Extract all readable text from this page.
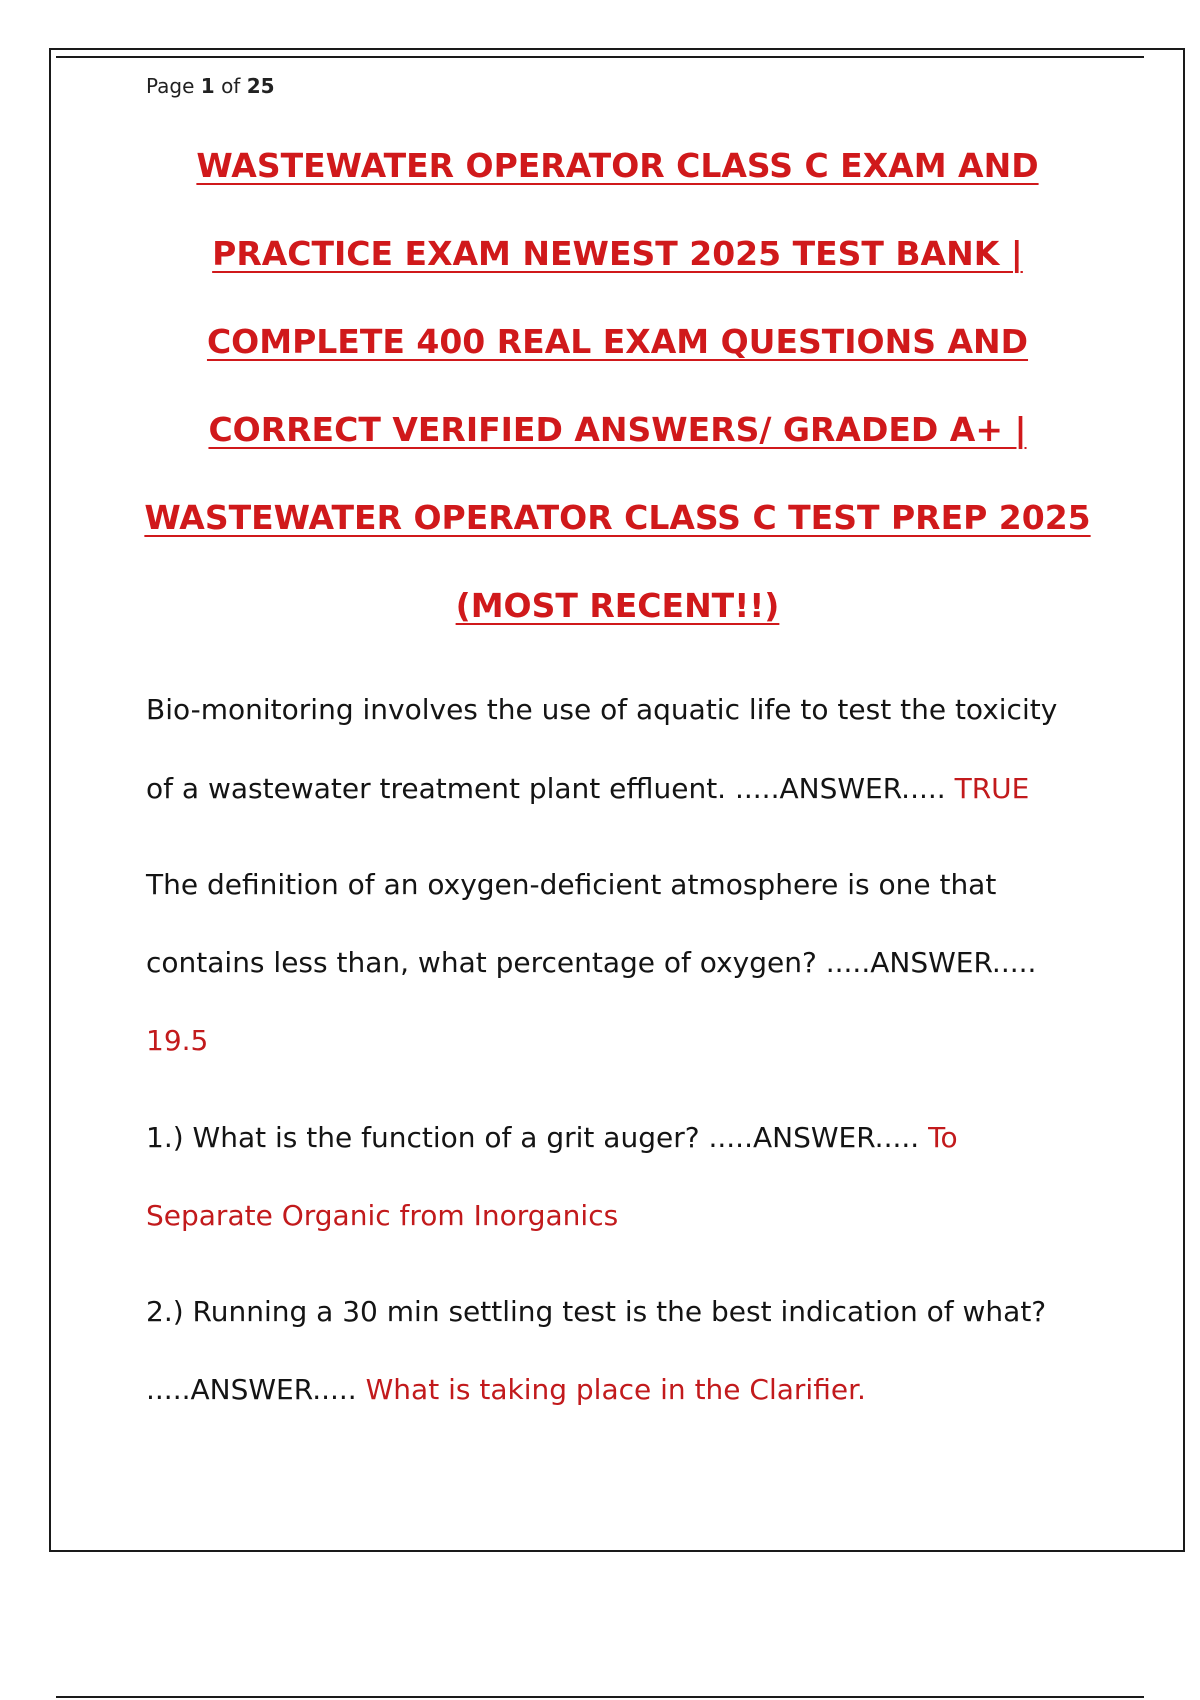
Page 1 of 25
WASTEWATER OPERATOR CLASS C EXAM AND
PRACTICE EXAM NEWEST 2025 TEST BANK |
COMPLETE 400 REAL EXAM QUESTIONS AND
CORRECT VERIFIED ANSWERS/ GRADED A+ |
WASTEWATER OPERATOR CLASS C TEST PREP 2025
(MOST RECENT!!)
Bio-monitoring involves the use of aquatic life to test the toxicity
of a wastewater treatment plant effluent. .....ANSWER..... TRUE
The definition of an oxygen-deficient atmosphere is one that
contains less than, what percentage of oxygen? .....ANSWER.....
19.5
1.) What is the function of a grit auger? .....ANSWER..... To
Separate Organic from Inorganics
2.) Running a 30 min settling test is the best indication of what?
.....ANSWER..... What is taking place in the Clarifier.
